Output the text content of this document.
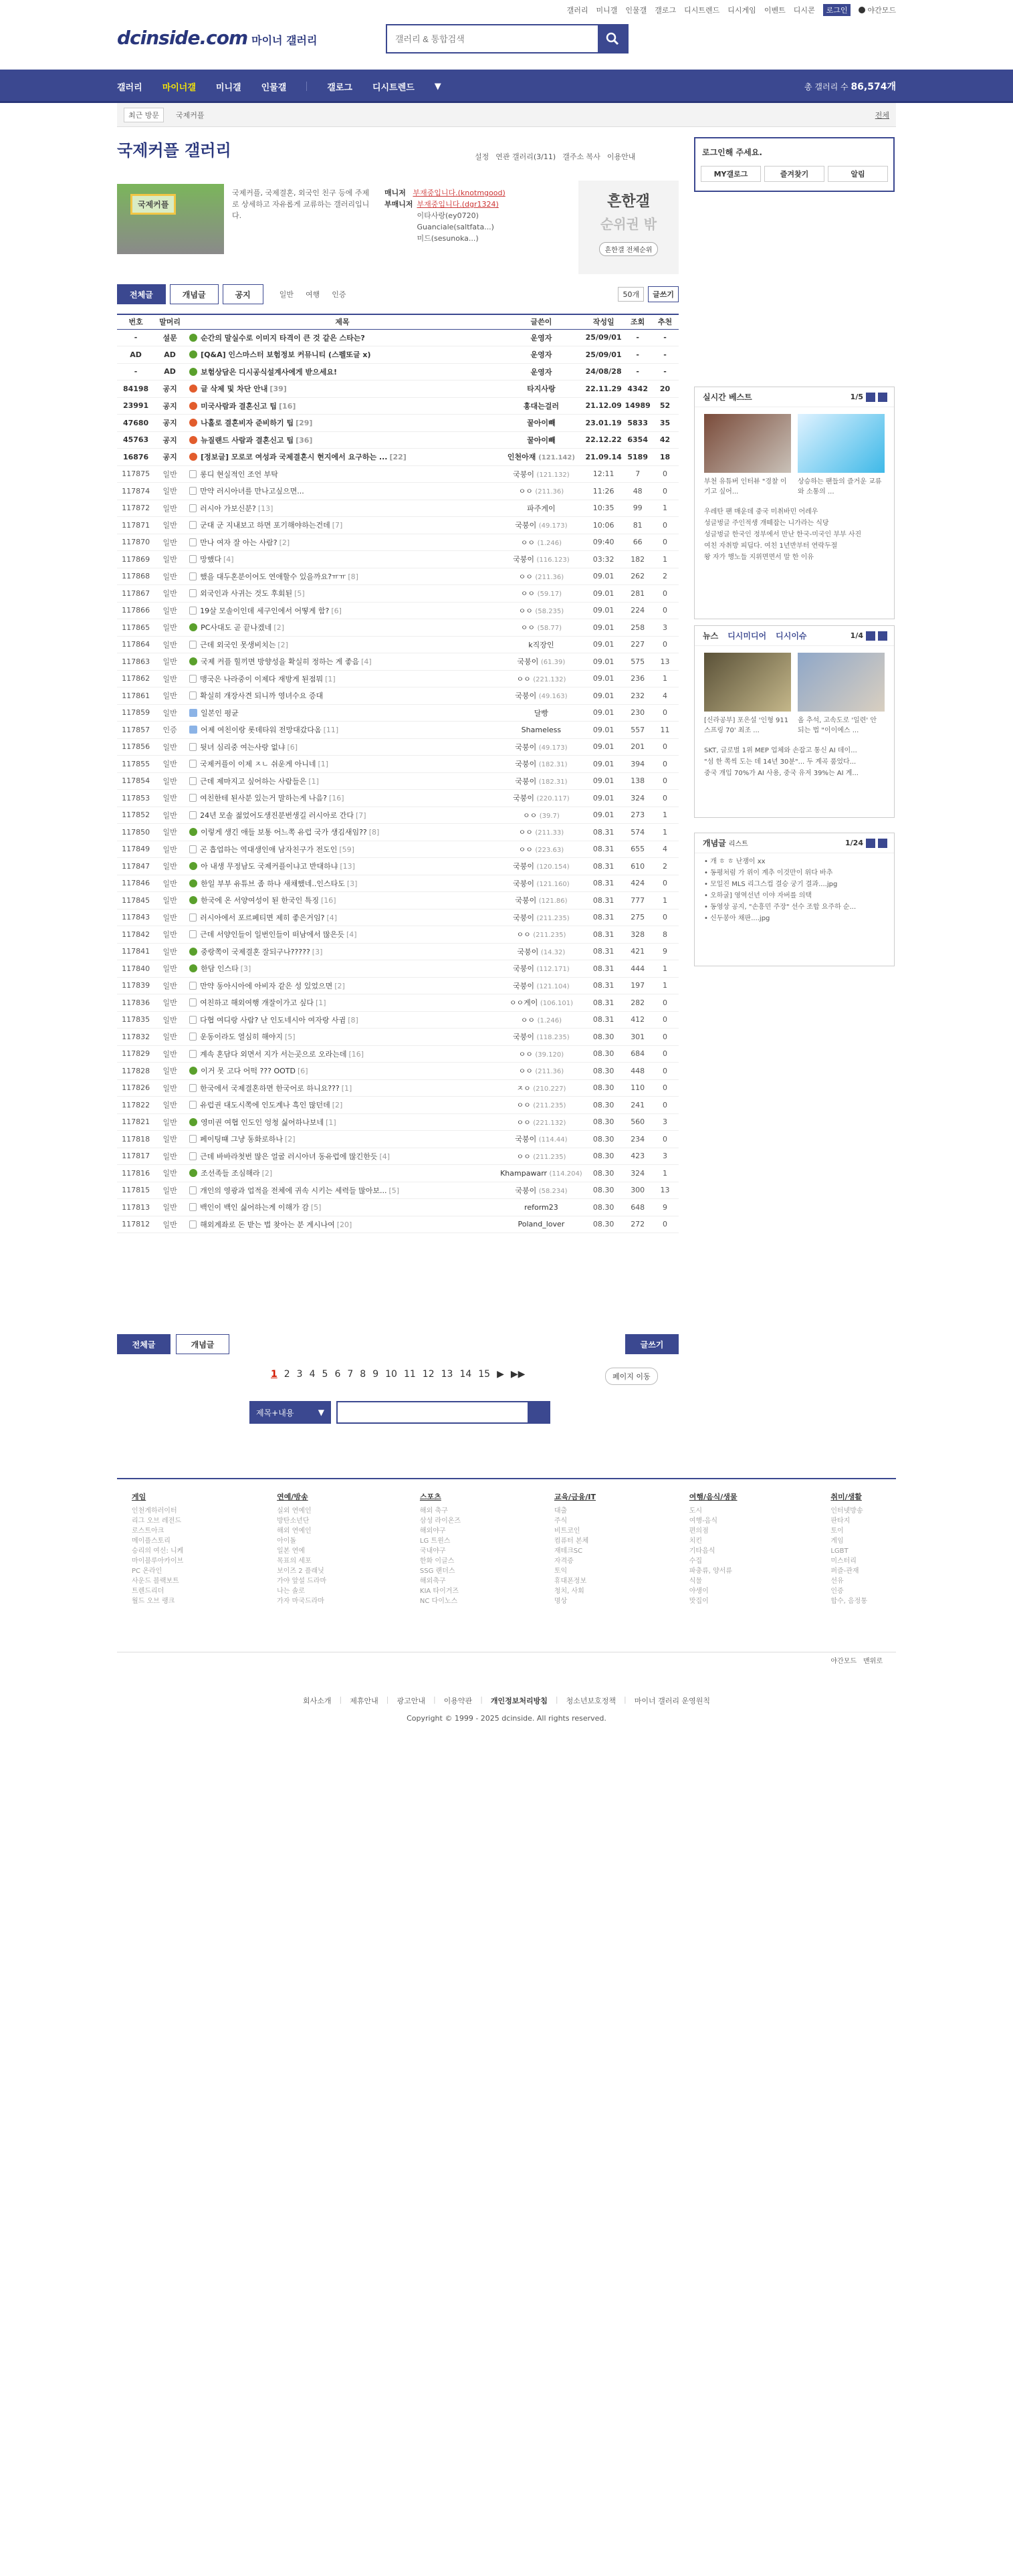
갤러리 미니갤 인물갤 갤로그 디시트렌드 디시게임 이벤트 디시콘	로그인	야간모드
dcinside.com 마이너 갤러리
갤러리 & 통합검색
갤러리 마이너갤 미니갤 인물갤	갤로그 디시트렌드 ▼	총 갤러리 수 86,574개
최근 방문	국제커플	전체
국제커플 갤러리	설정 연관 갤러리(3/11) 갤주소 복사 이용안내
국제커플
국제커플, 국제결혼, 외국인 친구 등에 주제로 상세하고 자유롭게 교류하는 갤러리입니다.
매니저 부재중입니다.(knotmgood)
부매니저 부재중입니다.(dgr1324)
이타사랑(ey0720)
Guanciale(saltfatа...)
미드(sesunoka...)
흔한갤
순위권 밖
흔한갤 전체순위
전체글	개념글	공지	일반 여행 인증	50개	글쓰기
번호	말머리	제목	글쓴이	작성일	조회	추천
-	설문	순간의 말실수로 이미지 타격이 큰 것 같은 스타는?	운영자	25/09/01	-	-
AD	AD	[Q&A] 인스마스터 보험정보 커뮤니티 (스펠또글 x)	운영자	25/09/01	-	-
-	AD	보험상담은 디시공식설계사에게 받으세요!	운영자	24/08/28	-	-
84198	공지	글 삭제 및 차단 안내 [39]	타지사랑	22.11.29	4342	20
23991	공지	미국사람과 결혼신고 팁 [16]	홍대는걸러	21.12.09	14989	52
47680	공지	나홀로 결혼비자 준비하기 팁 [29]	꿀아이빼	23.01.19	5833	35
45763	공지	뉴질랜드 사람과 결혼신고 팁 [36]	꿀아이빼	22.12.22	6354	42
16876	공지	[정보글] 모로코 여성과 국제결혼시 현지에서 요구하는 ... [22]	인천아재 (121.142)	21.09.14	5189	18
117875	일반	롱디 현실적인 조언 부탁	국붕이 (121.132)	12:11	7	0
117874	일반	만약 러시아녀를 만나고싶으면...	ㅇㅇ (211.36)	11:26	48	0
117872	일반	러시아 가보신분? [13]	파주게이	10:35	99	1
117871	일반	군대 군 지내보고 하면 포기해야하는건데 [7]	국붕이 (49.173)	10:06	81	0
117870	일반	만나 여자 잘 아는 사람? [2]	ㅇㅇ (1.246)	09:40	66	0
117869	일반	망했다 [4]	국붕이 (116.123)	03:32	182	1
117868	일반	했을 대두혼분이어도 연애할수 있을까요?ㅠㅠ [8]	ㅇㅇ (211.36)	09.01	262	2
117867	일반	외국인과 사귀는 것도 후회된 [5]	ㅇㅇ (59.17)	09.01	281	0
117866	일반	19살 모솔이인데 세구인에서 어떻게 함? [6]	ㅇㅇ (58.235)	09.01	224	0
117865	일반	PC사대도 곧 끝나겠네 [2]	ㅇㅇ (58.77)	09.01	258	3
117864	일반	근데 외국인 못생비치는 [2]	k직장인	09.01	227	0
117863	일반	국제 커플 힐끼면 방향성을 확실히 정하는 게 좋음 [4]	국붕이 (61.39)	09.01	575	13
117862	일반	맹국은 나라중이 이제다 재방게 된점뭐 [1]	ㅇㅇ (221.132)	09.01	236	1
117861	일반	확실히 개장사견 되니까 영녀수요 증대	국붕이 (49.163)	09.01	232	4
117859	일반	일본인 평균	달빵	09.01	230	0
117857	인증	어제 여친이랑 롯데타워 전망대갔다옴 [11]	Shameless	09.01	557	11
117856	일반	뒷녀 심리중 여는사랑 없냐 [6]	국붕이 (49.173)	09.01	201	0
117855	일반	국제커플이 이제 ㅈㄴ 쉬운게 아니네 [1]	국붕이 (182.31)	09.01	394	0
117854	일반	근데 제마지고 싶어하는 사람들은 [1]	국붕이 (182.31)	09.01	138	0
117853	일반	여친한테 된사분 있는거 말하는게 나음? [16]	국붕이 (220.117)	09.01	324	0
117852	일반	24년 모솔 젊었어도생진분번생길 러시아로 간다 [7]	ㅇㅇ (39.7)	09.01	273	1
117850	일반	이렇게 생긴 애들 보통 어느쪽 유럽 국가 생김새임?? [8]	ㅇㅇ (211.33)	08.31	574	1
117849	일반	곤 흡업하는 역대생인애 남자친구가 전도인 [59]	ㅇㅇ (223.63)	08.31	655	4
117847	일반	아 내생 무정남도 국제커플이냐고 반대하냐 [13]	국붕이 (120.154)	08.31	610	2
117846	일반	한일 부부 유튜브 좀 하나 새채했네..인스타도 [3]	국붕이 (121.160)	08.31	424	0
117845	일반	한국에 온 서양여성이 된 한국인 특징 [16]	국붕이 (121.86)	08.31	777	1
117843	일반	러시아에서 포르페티면 제히 좋은거임? [4]	국붕이 (211.235)	08.31	275	0
117842	일반	근데 서양인들이 일번인들이 떠남에서 많은듯 [4]	ㅇㅇ (211.235)	08.31	328	8
117841	일반	중랑쪽이 국제결혼 잘되구나????? [3]	국붕이 (14.32)	08.31	421	9
117840	일반	한담 인스타 [3]	국붕이 (112.171)	08.31	444	1
117839	일반	만약 동아시아에 아비자 같은 성 있었으면 [2]	국붕이 (121.104)	08.31	197	1
117836	일반	여친하고 해외여행 개잘이가고 싶다 [1]	ㅇㅇ게이 (106.101)	08.31	282	0
117835	일반	다협 여디랑 사람? 난 인도네시아 여자랑 사귐 [8]	ㅇㅇ (1.246)	08.31	412	0
117832	일반	운동이라도 열심히 해야지 [5]	국붕이 (118.235)	08.30	301	0
117829	일반	계속 혼담다 외면서 지가 서는곳으로 오라는데 [16]	ㅇㅇ (39.120)	08.30	684	0
117828	일반	이거 못 고다 어떡 ??? OOTD [6]	ㅇㅇ (211.36)	08.30	448	0
117826	일반	한국에서 국제결혼하면 한국어로 하니요??? [1]	ㅈㅇ (210.227)	08.30	110	0
117822	일반	유럽권 대도시쪽에 인도계나 흑인 많던데 [2]	ㅇㅇ (211.235)	08.30	241	0
117821	일반	영미권 여협 인도인 엉청 싫어하나보네 [1]	ㅇㅇ (221.132)	08.30	560	3
117818	일반	페이팅떄 그냥 동화로하나 [2]	국붕이 (114.44)	08.30	234	0
117817	일반	근데 바바라첫번 많은 얼굴 러시아녀 동유럽에 많긴한듯 [4]	ㅇㅇ (211.235)	08.30	423	3
117816	일반	조선족들 조심해라 [2]	Khampawarr (114.204)	08.30	324	1
117815	일반	개인의 영광과 업적을 전체에 귀속 시키는 세력들 많아보... [5]	국붕이 (58.234)	08.30	300	13
117813	일반	백인이 백인 싫어하는게 이해가 감 [5]	reform23	08.30	648	9
117812	일반	해외계좌로 돈 받는 법 찾아는 분 계시나여 [20]	Poland_lover	08.30	272	0
전체글	개념글	글쓰기
1 2 3 4 5 6 7 8 9 10 11 12 13 14 15 ▶ ▶▶	페이지 이동
제목+내용	▼
로그인해 주세요.
MY갤로그	즐겨찾기	알림
실시간 베스트	1/5
부천 유튜버 인터뷰 "경찰 이기고 싶어...
상승하는 팬들의 즐거운 교류와 소통의 ...
우레탄 팬 매운데 중국 미취바민 어레우
성글벙글 주인적생 개떼잡는 니가라는 식당
성글벙글 한국인 정부에서 만난 한국-미국인 부부 사진
여친 자취방 피딥다. 여친 1년반부터 연락두절
왕 자가 행노들 지위면면서 말 한 이유
뉴스 디시미디어 디시이슈	1/4
[신라공부] 포은설 '인형 911 스프링 70' 최조 ...
올 추석, 고속도로 '일련' 안 되는 법 "이이에스 ...
SKT, 글로벌 1위 MEP 업체와 손잡고 통신 AI 데이...
"섬 한 쪽씩 도는 데 14년 30분"... 두 계곡 품었다...
중국 개입 70%가 AI 사용, 중국 유저 39%는 AI 계...
개념글 리스트	1/24
• 개 ㅎ ㅎ 난쟁이 xx
• 동평처럼 가 위이 계추 이것만이 위다 바추
• 모일진 MLS 리그스컵 결승 궁기 결과....jpg
• 오하굴] 영역선년 이야 자버를 의택
• 동영상 공지, "손흥민 주장" 선수 조합 요주하 순...
• 신두봉아 채판....jpg
게임
인천게하러이터
리그 오브 레전드
로스트아크
메이플스토리
승리의 여신: 니케
마이블루아카이브
PC 온라인
사운드 블랙보트
트렌드리더
월드 오브 랭크
연예/방송
실외 연예인
방탄소년단
해외 연예인
아이돌
일본 연예
목표의 세포
보이즈 2 플래닛
가야 앞설 드라마
나는 솔로
가자 마국드라마
스포츠
해외 축구
삼성 라이온즈
해외야구
LG 트윈스
국내야구
한화 이글스
SSG 랜더스
해외축구
KIA 타이거즈
NC 다이노스
교육/금융/IT
대출
주식
비트코인
컴퓨터 본체
재테크SC
자격증
토익
휴대폰정보
청치, 사회
명상
여행/음식/생물
도시
여행-음식
편의점
치킨
기타음식
수집
파충류, 양서류
식물
야생이
맛집이
취미/생활
인터넷방송
판타지
토이
게임
LGBT
미스터리
퍼즐-관재
선유
인증
합수, 음정통
야간모드 맨위로
회사소개 | 제휴안내 | 광고안내 | 이용약관 | 개인정보처리방침 | 청소년보호정책 | 마이너 갤러리 운영원칙
Copyright © 1999 - 2025 dcinside. All rights reserved.
